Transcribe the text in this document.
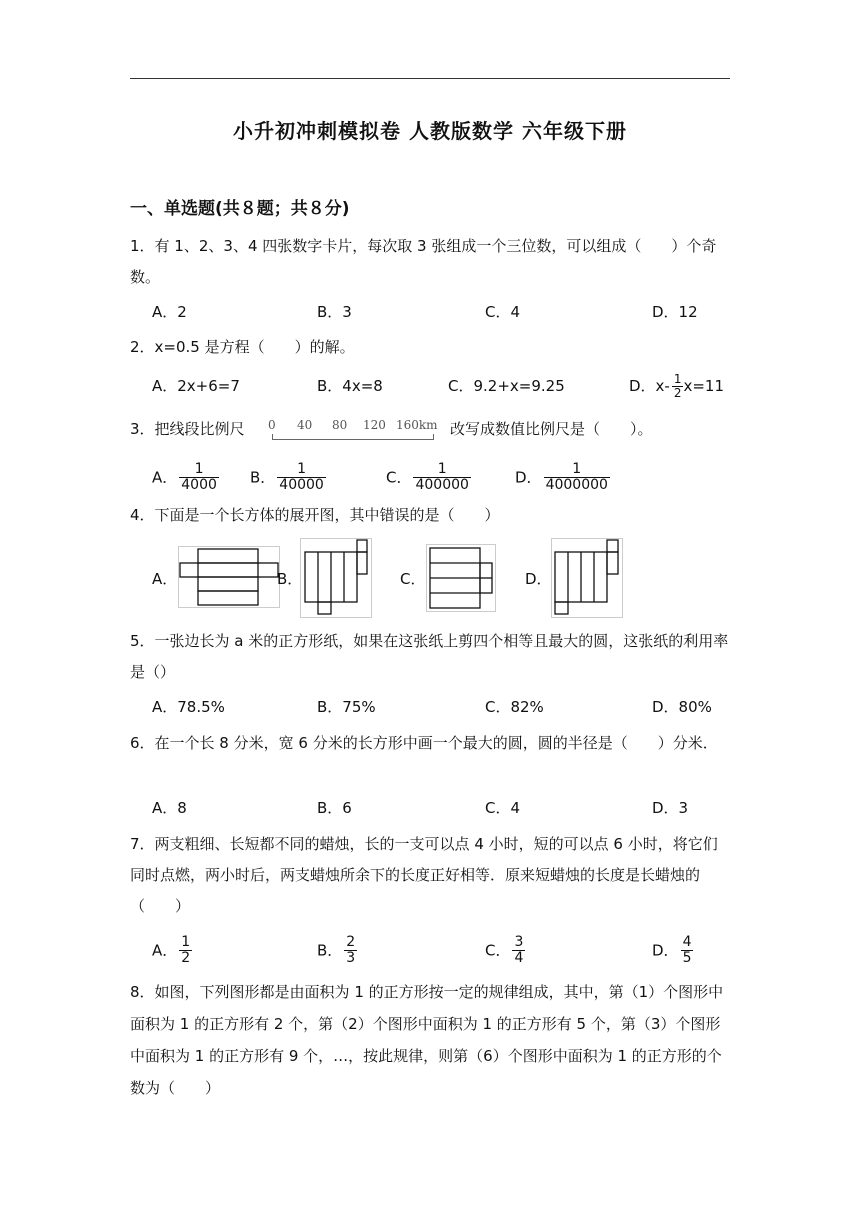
小升初冲刺模拟卷 人教版数学 六年级下册
一、单选题(共８题；共８分)
1．有 1、2、3、4 四张数字卡片，每次取 3 张组成一个三位数，可以组成（　　）个奇数。
A．2	B．3	C．4	D．12
2．x=0.5 是方程（　　）的解。
A．2x+6=7	B．4x=8	C．9.2+x=9.25	D．$x- \frac{1}{2} x=11$
3．把线段比例尺	0 40 80 120 160km 改写成数值比例尺是（　　）。
A． $\frac{1}{4000}$ B． $\frac{1}{40000}$	C． $\frac{1}{400000}$	D． $\frac{1}{4000000}$
4．下面是一个长方体的展开图，其中错误的是（　　）
A．	B．	C．	D．
5．一张边长为 a 米的正方形纸，如果在这张纸上剪四个相等且最大的圆，这张纸的利用率是（）
A．78.5%	B．75%	C．82%	D．80%
6．在一个长 8 分米，宽 6 分米的长方形中画一个最大的圆，圆的半径是（　　）分米．
A．8	B．6	C．4	D．3
7．两支粗细、长短都不同的蜡烛，长的一支可以点 4 小时，短的可以点 6 小时，将它们同时点燃，两小时后，两支蜡烛所余下的长度正好相等．原来短蜡烛的长度是长蜡烛的（　　）
A． $\frac{1}{2}$	B． $\frac{2}{3}$	C． $\frac{3}{4}$	D． $\frac{4}{5}$
8．如图，下列图形都是由面积为 1 的正方形按一定的规律组成，其中，第（1）个图形中面积为 1 的正方形有 2 个，第（2）个图形中面积为 1 的正方形有 5 个，第（3）个图形中面积为 1 的正方形有 9 个，…，按此规律，则第（6）个图形中面积为 1 的正方形的个数为（　　）
